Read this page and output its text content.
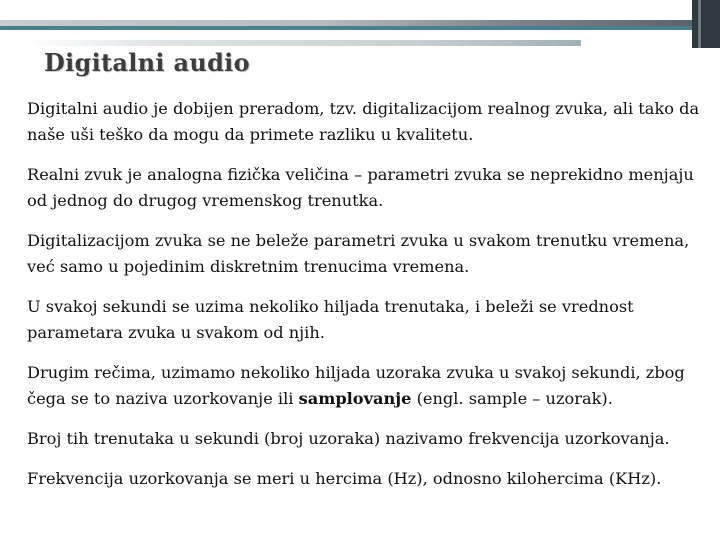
Digitalni audio

Digitalni audio je dobijen preradom, tzv. digitalizacijom realnog zvuka, ali tako da naše uši teško da mogu da primete razliku u kvalitetu.

Realni zvuk je analogna fizička veličina – parametri zvuka se neprekidno menjaju od jednog do drugog vremenskog trenutka.

Digitalizacijom zvuka se ne beleže parametri zvuka u svakom trenutku vremena, već samo u pojedinim diskretnim trenucima vremena.

U svakoj sekundi se uzima nekoliko hiljada trenutaka, i beleži se vrednost parametara zvuka u svakom od njih.

Drugim rečima, uzimamo nekoliko hiljada uzoraka zvuka u svakoj sekundi, zbog čega se to naziva uzorkovanje ili samplovanje (engl. sample – uzorak).

Broj tih trenutaka u sekundi (broj uzoraka) nazivamo frekvencija uzorkovanja.

Frekvencija uzorkovanja se meri u hercima (Hz), odnosno kilohercima (KHz).
